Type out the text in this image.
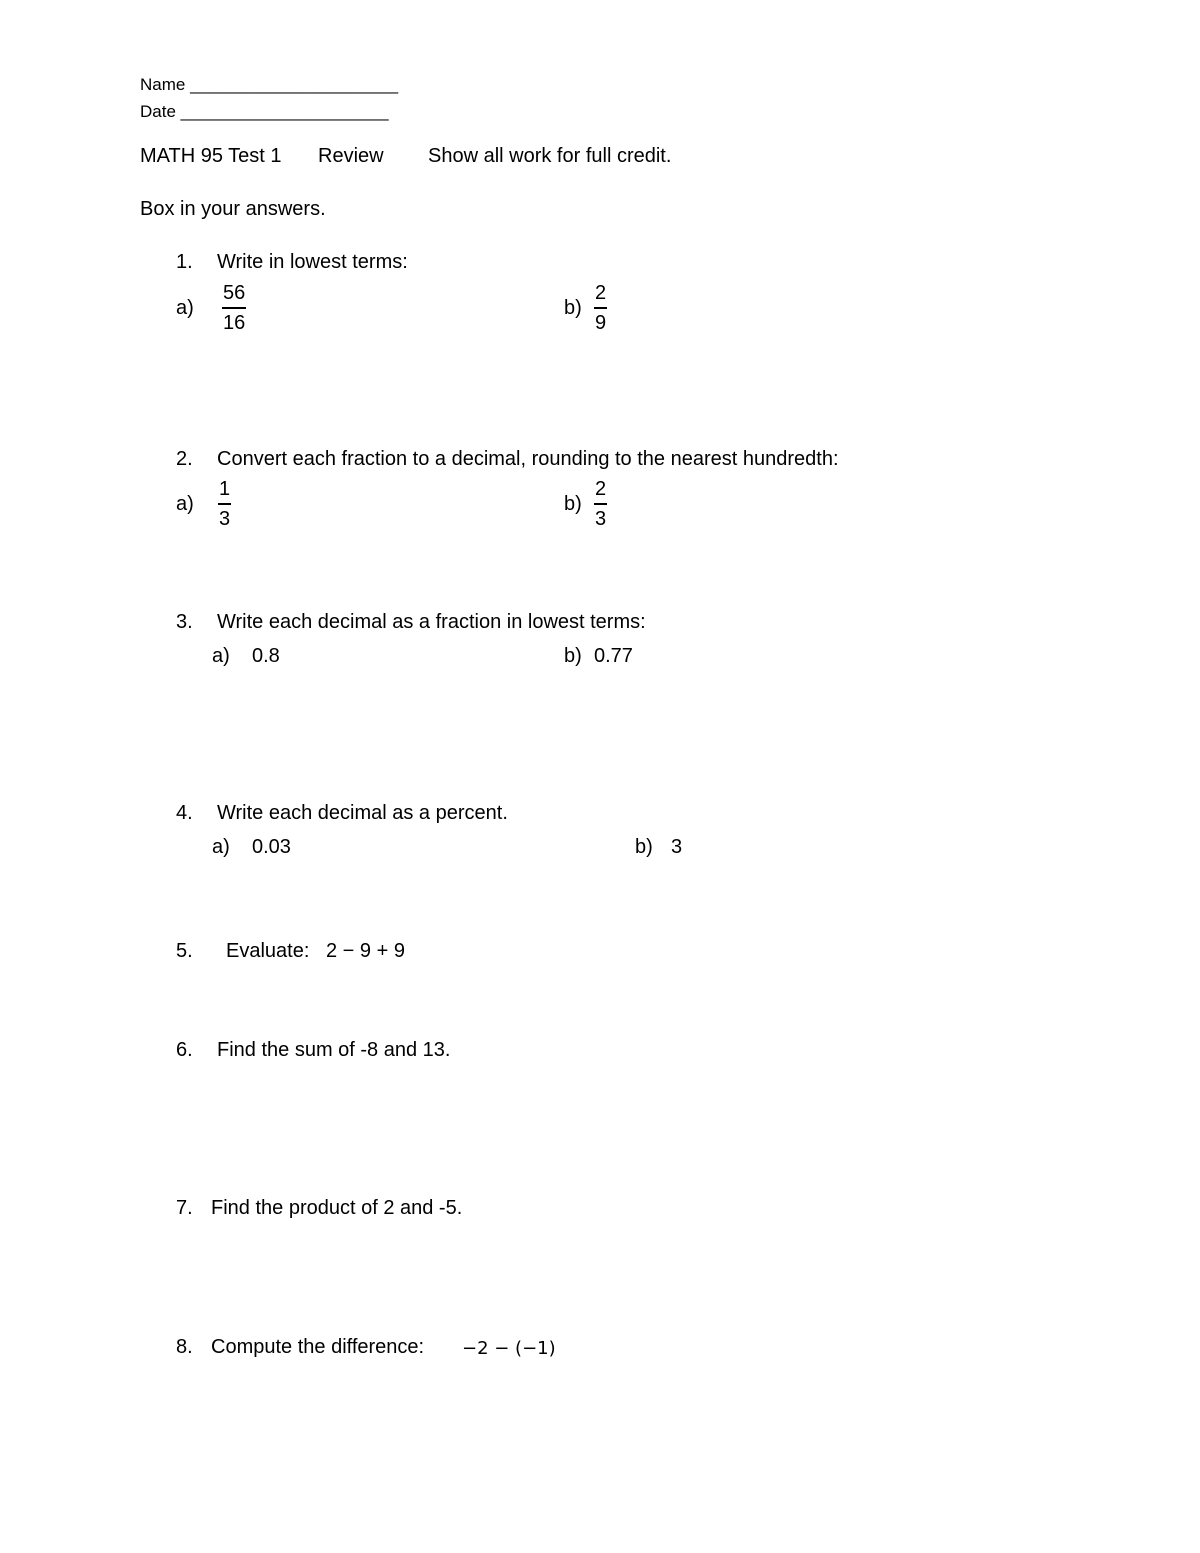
Name ______________________
Date ______________________
MATH 95 Test 1 Review Show all work for full credit.
Box in your answers.
1. Write in lowest terms:
$a) \frac{56}{16}$	$b) \frac{2}{9}$
2. Convert each fraction to a decimal, rounding to the nearest hundredth:
$a) \frac{1}{3}$	$b) \frac{2}{3}$
3. Write each decimal as a fraction in lowest terms:
a) 0.8	b) 0.77
4. Write each decimal as a percent.
a) 0.03	b) 3
5. Evaluate: 2 − 9 + 9
6. Find the sum of -8 and 13.
7. Find the product of 2 and -5.
8. Compute the difference: −2 − (−1)
